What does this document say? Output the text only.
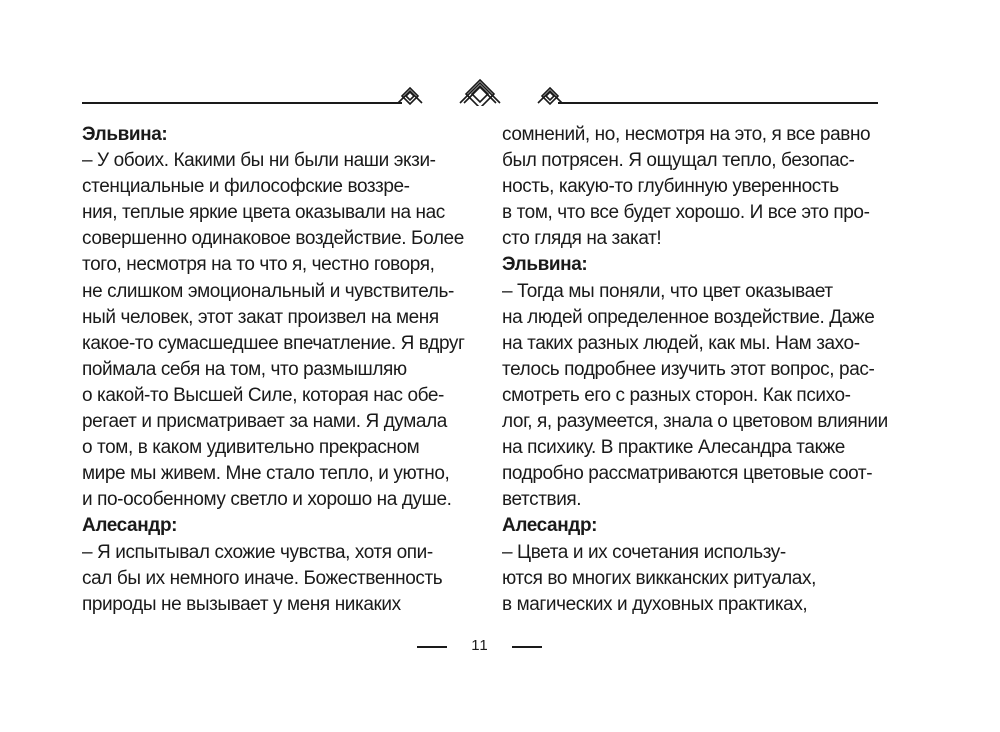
Эльвина:
– У обоих. Какими бы ни были наши экзи-
стенциальные и философские воззре-
ния, теплые яркие цвета оказывали на нас
совершенно одинаковое воздействие. Более
того, несмотря на то что я, честно говоря,
не слишком эмоциональный и чувствитель-
ный человек, этот закат произвел на меня
какое-то сумасшедшее впечатление. Я вдруг
поймала себя на том, что размышляю
о какой-то Высшей Силе, которая нас обе-
регает и присматривает за нами. Я думала
о том, в каком удивительно прекрасном
мире мы живем. Мне стало тепло, и уютно,
и по-особенному светло и хорошо на душе.
Алесандр:
– Я испытывал схожие чувства, хотя опи-
сал бы их немного иначе. Божественность
природы не вызывает у меня никаких
сомнений, но, несмотря на это, я все равно
был потрясен. Я ощущал тепло, безопас-
ность, какую-то глубинную уверенность
в том, что все будет хорошо. И все это про-
сто глядя на закат!
Эльвина:
– Тогда мы поняли, что цвет оказывает
на людей определенное воздействие. Даже
на таких разных людей, как мы. Нам захо-
телось подробнее изучить этот вопрос, рас-
смотреть его с разных сторон. Как психо-
лог, я, разумеется, знала о цветовом влиянии
на психику. В практике Алесандра также
подробно рассматриваются цветовые соот-
ветствия.
Алесандр:
– Цвета и их сочетания использу-
ются во многих викканских ритуалах,
в магических и духовных практиках,
11
